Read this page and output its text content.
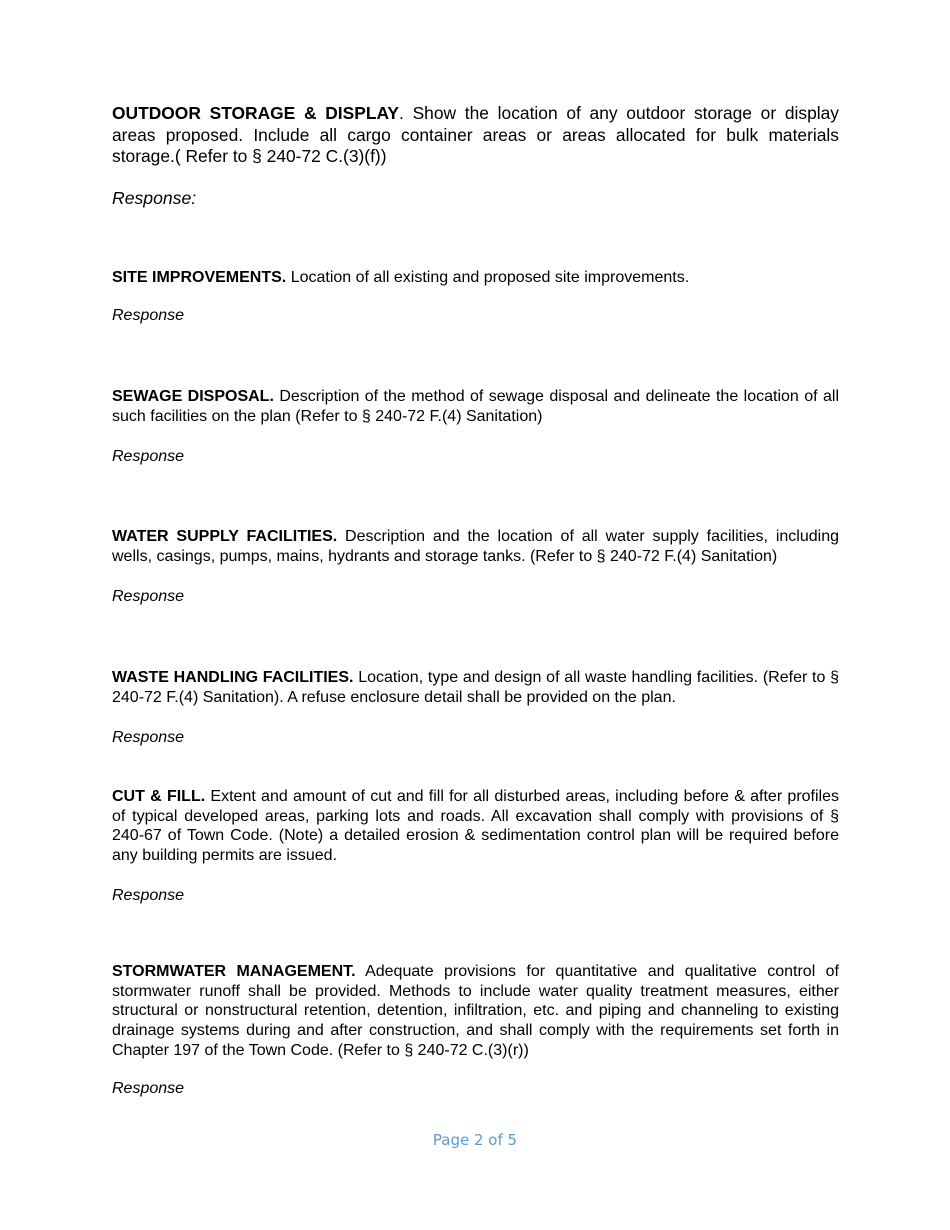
OUTDOOR STORAGE & DISPLAY. Show the location of any outdoor storage or display areas proposed. Include all cargo container areas or areas allocated for bulk materials storage.( Refer to § 240-72 C.(3)(f))

Response:

SITE IMPROVEMENTS. Location of all existing and proposed site improvements.

Response

SEWAGE DISPOSAL. Description of the method of sewage disposal and delineate the location of all such facilities on the plan (Refer to § 240-72 F.(4) Sanitation)

Response

WATER SUPPLY FACILITIES. Description and the location of all water supply facilities, including wells, casings, pumps, mains, hydrants and storage tanks. (Refer to § 240-72 F.(4) Sanitation)

Response

WASTE HANDLING FACILITIES. Location, type and design of all waste handling facilities. (Refer to § 240-72 F.(4) Sanitation). A refuse enclosure detail shall be provided on the plan.

Response

CUT & FILL. Extent and amount of cut and fill for all disturbed areas, including before & after profiles of typical developed areas, parking lots and roads. All excavation shall comply with provisions of § 240-67 of Town Code. (Note) a detailed erosion & sedimentation control plan will be required before any building permits are issued.

Response

STORMWATER MANAGEMENT. Adequate provisions for quantitative and qualitative control of stormwater runoff shall be provided. Methods to include water quality treatment measures, either structural or nonstructural retention, detention, infiltration, etc. and piping and channeling to existing drainage systems during and after construction, and shall comply with the requirements set forth in Chapter 197 of the Town Code. (Refer to § 240-72 C.(3)(r))

Response

Page 2 of 5
